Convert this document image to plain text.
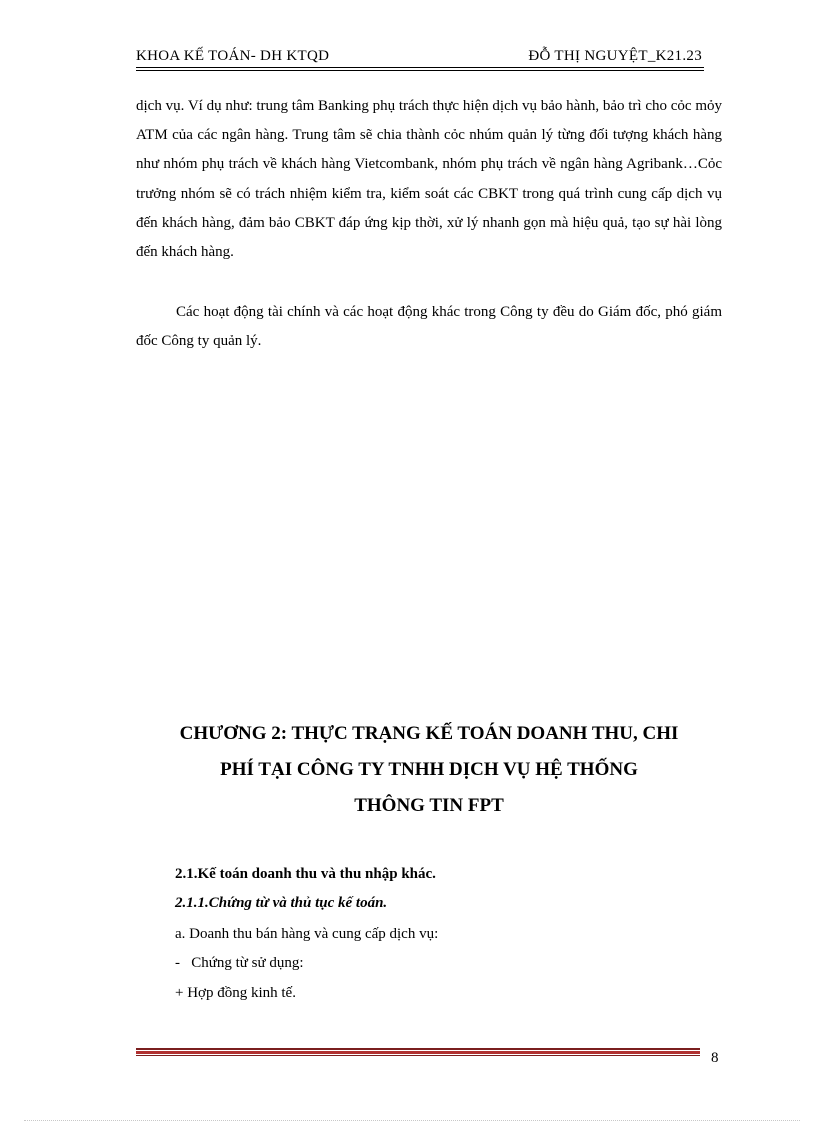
KHOA KẾ TOÁN- DH KTQD	ĐỖ THỊ NGUYỆT_K21.23
dịch vụ. Ví dụ như: trung tâm Banking phụ trách thực hiện dịch vụ bảo hành, bảo trì cho cỏc mỏy ATM của các ngân hàng. Trung tâm sẽ chia thành cỏc nhúm quản lý từng đối tượng khách hàng như nhóm phụ trách về khách hàng Vietcombank, nhóm phụ trách về ngân hàng Agribank…Cỏc trưởng nhóm sẽ có trách nhiệm kiểm tra, kiểm soát các CBKT trong quá trình cung cấp dịch vụ đến khách hàng, đảm bảo CBKT đáp ứng kịp thời, xử lý nhanh gọn mà hiệu quả, tạo sự hài lòng đến khách hàng.
Các hoạt động tài chính và các hoạt động khác trong Công ty đều do Giám đốc, phó giám đốc Công ty quản lý.
CHƯƠNG 2: THỰC TRẠNG KẾ TOÁN DOANH THU, CHI
PHÍ TẠI CÔNG TY TNHH DỊCH VỤ HỆ THỐNG
THÔNG TIN FPT
2.1.Kế toán doanh thu và thu nhập khác.
2.1.1.Chứng từ và thủ tục kế toán.
a. Doanh thu bán hàng và cung cấp dịch vụ:
-   Chứng từ sử dụng:
+ Hợp đồng kinh tế.
8
